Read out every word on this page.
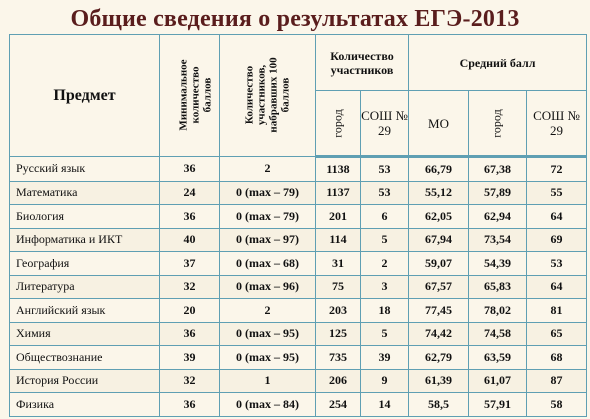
Общие сведения о результатах ЕГЭ-2013
Предмет	Минимальное
количество
баллов	Количество
участников,
набравших 100
баллов	Количество участников		Средний балл		
			город	СОШ № 29	МО	город	СОШ № 29
Русский язык	36	2	1138	53	66,79	67,38	72
Математика	24	0 (max – 79)	1137	53	55,12	57,89	55
Биология	36	0 (max – 79)	201	6	62,05	62,94	64
Информатика и ИКТ	40	0 (max – 97)	114	5	67,94	73,54	69
География	37	0 (max – 68)	31	2	59,07	54,39	53
Литература	32	0 (max – 96)	75	3	67,57	65,83	64
Английский язык	20	2	203	18	77,45	78,02	81
Химия	36	0 (max – 95)	125	5	74,42	74,58	65
Обществознание	39	0 (max – 95)	735	39	62,79	63,59	68
История России	32	1	206	9	61,39	61,07	87
Физика	36	0 (max – 84)	254	14	58,5	57,91	58
